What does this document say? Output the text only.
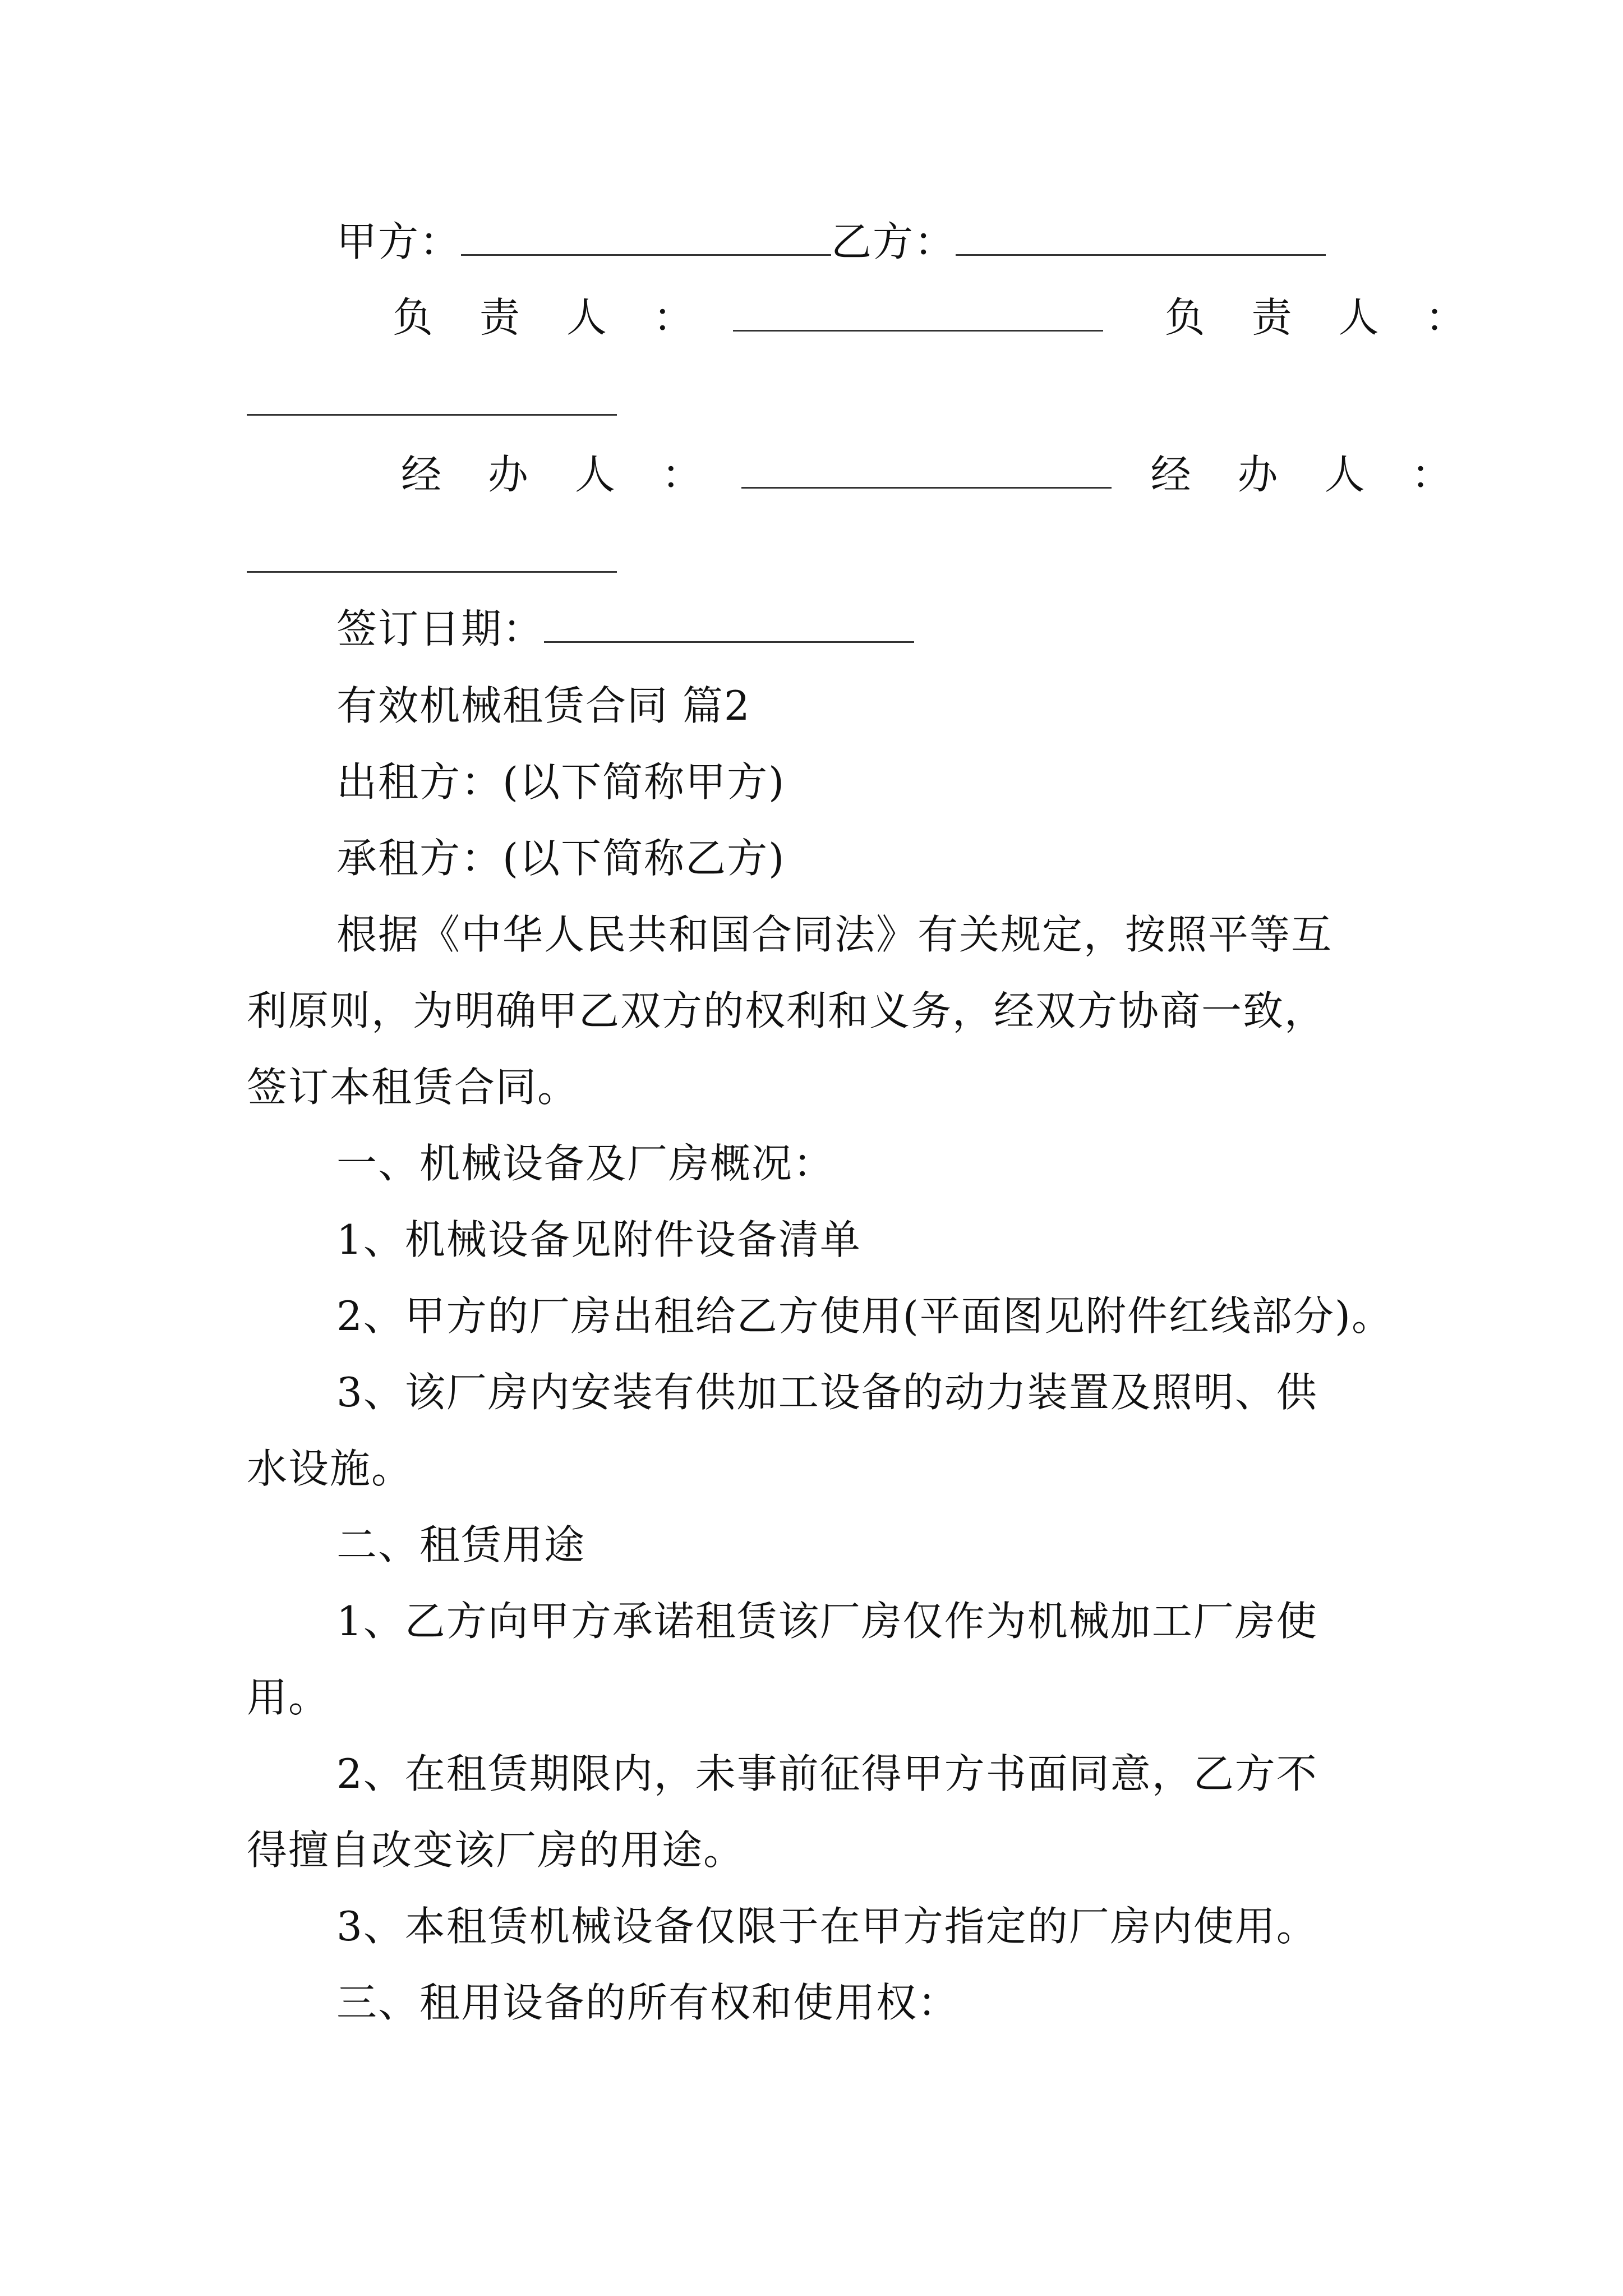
甲方：	乙方：
负 责 人 ：	负 责 人 ：
经 办 人 ：	经 办 人 ：
签订日期：
有效机械租赁合同 篇2
出租方：(以下简称甲方)
承租方：(以下简称乙方)
根据《中华人民共和国合同法》有关规定，按照平等互
利原则，为明确甲乙双方的权利和义务，经双方协商一致，
签订本租赁合同。
一、机械设备及厂房概况：
1、机械设备见附件设备清单
2、甲方的厂房出租给乙方使用(平面图见附件红线部分)。
3、该厂房内安装有供加工设备的动力装置及照明、供
水设施。
二、租赁用途
1、乙方向甲方承诺租赁该厂房仅作为机械加工厂房使
用。
2、在租赁期限内，未事前征得甲方书面同意，乙方不
得擅自改变该厂房的用途。
3、本租赁机械设备仅限于在甲方指定的厂房内使用。
三、租用设备的所有权和使用权：
